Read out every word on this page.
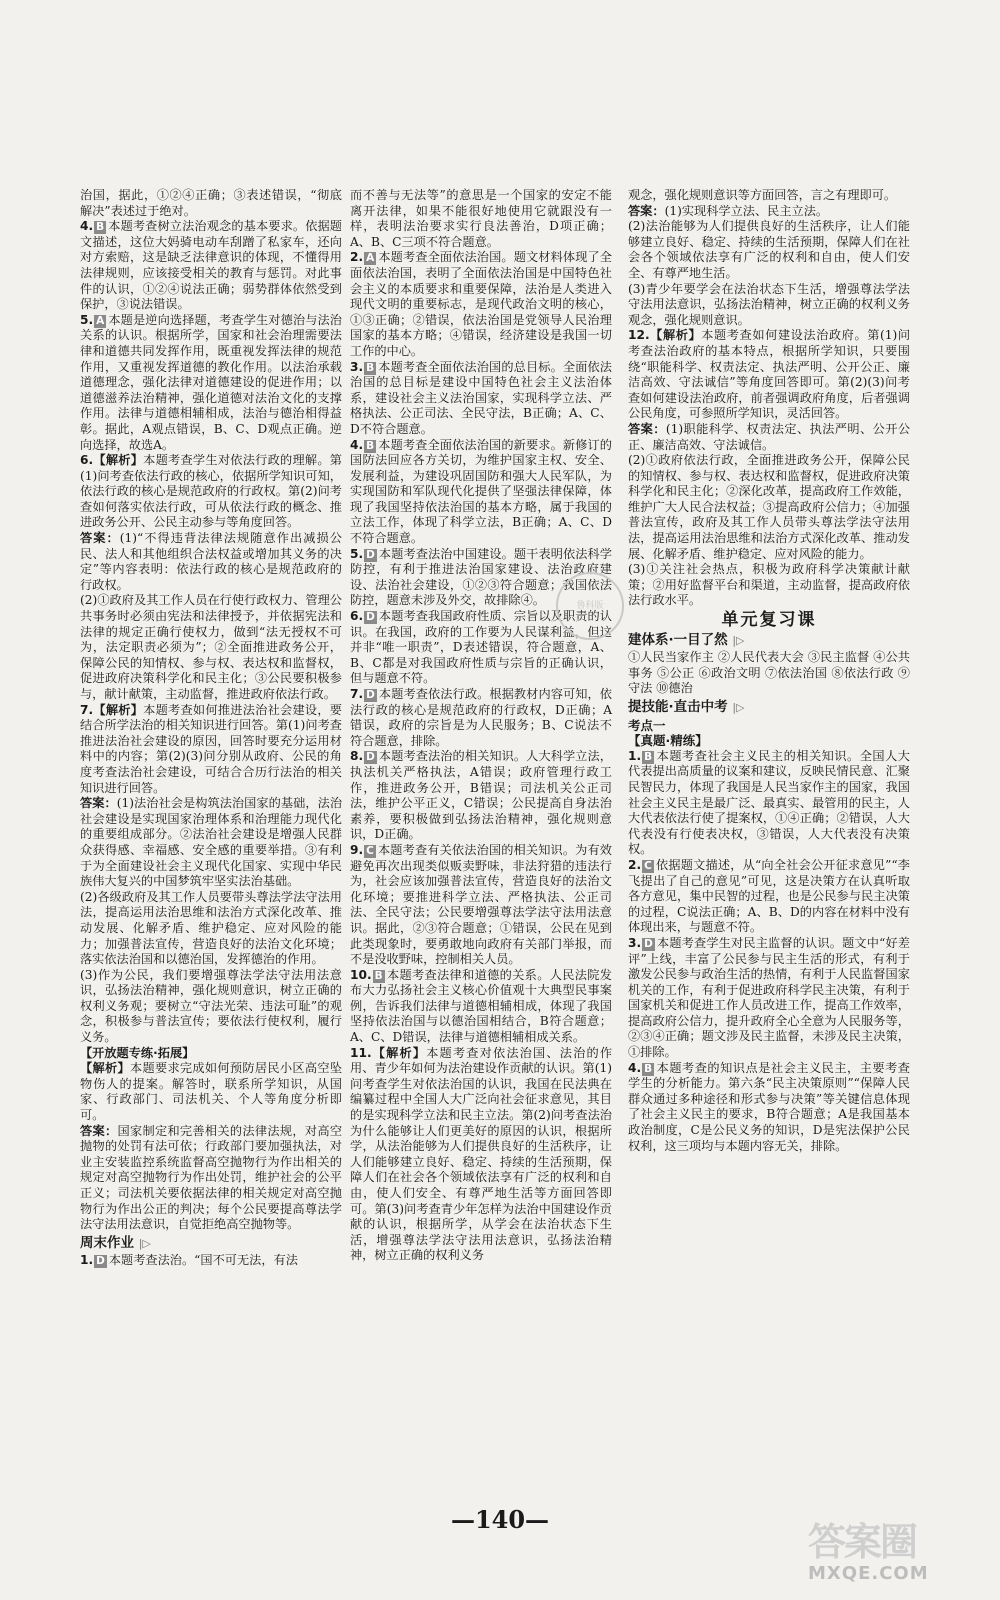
治国，据此，①②④正确；③表述错误，“彻底解决”表述过于绝对。

4. B 本题考查树立法治观念的基本要求。依据题文描述，这位大妈骑电动车刮蹭了私家车，还向对方索赔，这是缺乏法律意识的体现，不懂得用法律规则，应该接受相关的教育与惩罚。对此事件的认识，①②④说法正确；弱势群体依然受到保护，③说法错误。

5. A 本题是逆向选择题，考查学生对德治与法治关系的认识。根据所学，国家和社会治理需要法律和道德共同发挥作用，既重视发挥法律的规范作用，又重视发挥道德的教化作用。以法治承载道德理念，强化法律对道德建设的促进作用；以道德滋养法治精神，强化道德对法治文化的支撑作用。法律与道德相辅相成，法治与德治相得益彰。据此，A观点错误，B、C、D观点正确。逆向选择，故选A。

6.【解析】本题考查学生对依法行政的理解。第(1)问考查依法行政的核心，依据所学知识可知，依法行政的核心是规范政府的行政权。第(2)问考查如何落实依法行政，可从依法行政的概念、推进政务公开、公民主动参与等角度回答。

答案：(1)“不得违背法律法规随意作出减损公民、法人和其他组织合法权益或增加其义务的决定”等内容表明：依法行政的核心是规范政府的行政权。

(2)①政府及其工作人员在行使行政权力、管理公共事务时必须由宪法和法律授予，并依据宪法和法律的规定正确行使权力，做到“法无授权不可为，法定职责必须为”；②全面推进政务公开，保障公民的知情权、参与权、表达权和监督权，促进政府决策科学化和民主化；③公民要积极参与，献计献策，主动监督，推进政府依法行政。

7.【解析】本题考查如何推进法治社会建设，要结合所学法治的相关知识进行回答。第(1)问考查推进法治社会建设的原因，回答时要充分运用材料中的内容；第(2)(3)问分别从政府、公民的角度考查法治社会建设，可结合合历行法治的相关知识进行回答。

答案：(1)法治社会是构筑法治国家的基础，法治社会建设是实现国家治理体系和治理能力现代化的重要组成部分。②法治社会建设是增强人民群众获得感、幸福感、安全感的重要举措。③有利于为全面建设社会主义现代化国家、实现中华民族伟大复兴的中国梦筑牢坚实法治基础。

(2)各级政府及其工作人员要带头尊法学法守法用法，提高运用法治思维和法治方式深化改革、推动发展、化解矛盾、维护稳定、应对风险的能力；加强普法宣传，营造良好的法治文化环境；落实依法治国和以德治国，发挥德治的作用。

(3)作为公民，我们要增强尊法学法守法用法意识，弘扬法治精神，强化规则意识，树立正确的权利义务观；要树立“守法光荣、违法可耻”的观念，积极参与普法宣传；要依法行使权利，履行义务。

【开放题专练·拓展】

【解析】本题要求完成如何预防居民小区高空坠物伤人的提案。解答时，联系所学知识，从国家、行政部门、司法机关、个人等角度分析即可。

答案：国家制定和完善相关的法律法规，对高空抛物的处罚有法可依；行政部门要加强执法，对业主安装监控系统监督高空抛物行为作出相关的规定对高空抛物行为作出处罚，维护社会的公平正义；司法机关要依据法律的相关规定对高空抛物行为作出公正的判决；每个公民要提高尊法学法守法用法意识，自觉拒绝高空抛物等。

周末作业 |▷

1. D 本题考查法治。“国不可无法，有法

而不善与无法等”的意思是一个国家的安定不能离开法律，如果不能很好地使用它就跟没有一样，表明法治要求实行良法善治，D项正确；A、B、C三项不符合题意。

2. A 本题考查全面依法治国。题文材料体现了全面依法治国，表明了全面依法治国是中国特色社会主义的本质要求和重要保障，法治是人类进入现代文明的重要标志，是现代政治文明的核心，①③正确；②错误，依法治国是党领导人民治理国家的基本方略；④错误，经济建设是我国一切工作的中心。

3. B 本题考查全面依法治国的总目标。全面依法治国的总目标是建设中国特色社会主义法治体系，建设社会主义法治国家，实现科学立法、严格执法、公正司法、全民守法，B正确；A、C、D不符合题意。

4. B 本题考查全面依法治国的新要求。新修订的国防法回应各方关切，为维护国家主权、安全、发展利益，为建设巩固国防和强大人民军队，为实现国防和军队现代化提供了坚强法律保障，体现了我国坚持依法治国的基本方略，属于我国的立法工作，体现了科学立法，B正确；A、C、D不符合题意。

5. D 本题考查法治中国建设。题干表明依法科学防控，有利于推进法治国家建设、法治政府建设、法治社会建设，①②③符合题意；我国依法防控，题意未涉及外交，故排除④。

6. D 本题考查我国政府性质、宗旨以及职责的认识。在我国，政府的工作要为人民谋利益，但这并非“唯一职责”，D表述错误，符合题意，A、B、C都是对我国政府性质与宗旨的正确认识，但与题意不符。

7. D 本题考查依法行政。根据教材内容可知，依法行政的核心是规范政府的行政权，D正确；A错误，政府的宗旨是为人民服务；B、C说法不符合题意，排除。

8. D 本题考查法治的相关知识。人大科学立法，执法机关严格执法，A错误；政府管理行政工作，推进政务公开，B错误；司法机关公正司法，维护公平正义，C错误；公民提高自身法治素养，要积极做到弘扬法治精神，强化规则意识，D正确。

9. C 本题考查有关依法治国的相关知识。为有效避免再次出现类似贩卖野味，非法狩猎的违法行为，社会应该加强普法宣传，营造良好的法治文化环境；要推进科学立法、严格执法、公正司法、全民守法；公民要增强尊法学法守法用法意识。据此，②③符合题意；①错误，公民在见到此类现象时，要勇敢地向政府有关部门举报，而不是没收野味，控制相关人员。

10. B 本题考查法律和道德的关系。人民法院发布大力弘扬社会主义核心价值观十大典型民事案例，告诉我们法律与道德相辅相成，体现了我国坚持依法治国与以德治国相结合，B符合题意；A、C、D错误，法律与道德相辅相成关系。

11.【解析】本题考查对依法治国、法治的作用、青少年如何为法治建设作贡献的认识。第(1)问考查学生对依法治国的认识，我国在民法典在编纂过程中全国人大广泛向社会征求意见，其目的是实现科学立法和民主立法。第(2)问考查法治为什么能够让人们更美好的原因的认识，根据所学，从法治能够为人们提供良好的生活秩序，让人们能够建立良好、稳定、持续的生活预期，保障人们在社会各个领域依法享有广泛的权利和自由，使人们安全、有尊严地生活等方面回答即可。第(3)问考查青少年怎样为法治中国建设作贡献的认识，根据所学，从学会在法治状态下生活，增强尊法学法守法用法意识，弘扬法治精神，树立正确的权利义务

观念，强化规则意识等方面回答，言之有理即可。

答案：(1)实现科学立法、民主立法。

(2)法治能够为人们提供良好的生活秩序，让人们能够建立良好、稳定、持续的生活预期，保障人们在社会各个领域依法享有广泛的权利和自由，使人们安全、有尊严地生活。

(3)青少年要学会在法治状态下生活，增强尊法学法守法用法意识，弘扬法治精神，树立正确的权利义务观念，强化规则意识。

12.【解析】本题考查如何建设法治政府。第(1)问考查法治政府的基本特点，根据所学知识，只要围绕“职能科学、权责法定、执法严明、公开公正、廉洁高效、守法诚信”等角度回答即可。第(2)(3)问考查如何建设法治政府，前者强调政府角度，后者强调公民角度，可参照所学知识，灵活回答。

答案：(1)职能科学、权责法定、执法严明、公开公正、廉洁高效、守法诚信。

(2)①政府依法行政，全面推进政务公开，保障公民的知情权、参与权、表达权和监督权，促进政府决策科学化和民主化；②深化改革，提高政府工作效能，维护广大人民合法权益；③提高政府公信力；④加强普法宣传，政府及其工作人员带头尊法学法守法用法，提高运用法治思维和法治方式深化改革、推动发展、化解矛盾、维护稳定、应对风险的能力。

(3)①关注社会热点，积极为政府科学决策献计献策；②用好监督平台和渠道，主动监督，提高政府依法行政水平。

单元复习课
建体系·一目了然 |▷

①人民当家作主 ②人民代表大会 ③民主监督 ④公共事务 ⑤公正 ⑥政治文明 ⑦依法治国 ⑧依法行政 ⑨守法 ⑩德治

提技能·直击中考 |▷
考点一
【真题·精练】

1. B 本题考查社会主义民主的相关知识。全国人大代表提出高质量的议案和建议，反映民情民意、汇聚民智民力，体现了我国是人民当家作主的国家，我国社会主义民主是最广泛、最真实、最管用的民主，人大代表依法行使了提案权，①④正确；②错误，人大代表没有行使表决权，③错误，人大代表没有决策权。

2. C 依据题文描述，从“向全社会公开征求意见”“李飞提出了自己的意见”可见，这是决策方在认真听取各方意见，集中民智的过程，也是公民参与民主决策的过程，C说法正确；A、B、D的内容在材料中没有体现出来，与题意不符。

3. D 本题考查学生对民主监督的认识。题文中“好差评”上线，丰富了公民参与民主生活的形式，有利于激发公民参与政治生活的热情，有利于人民监督国家机关的工作，有利于促进政府科学民主决策，有利于国家机关和促进工作人员改进工作，提高工作效率，提高政府公信力，提升政府全心全意为人民服务等，②③④正确；题文涉及民主监督，未涉及民主决策，①排除。

4. B 本题考查的知识点是社会主义民主，主要考查学生的分析能力。第六条“民主决策原则”“保障人民群众通过多种途径和形式参与决策”等关键信息体现了社会主义民主的要求，B符合题意；A是我国基本政治制度，C是公民义务的知识，D是宪法保护公民权利，这三项均与本题内容无关，排除。

鲁科版
—140—
答案圈
MXQE.COM
